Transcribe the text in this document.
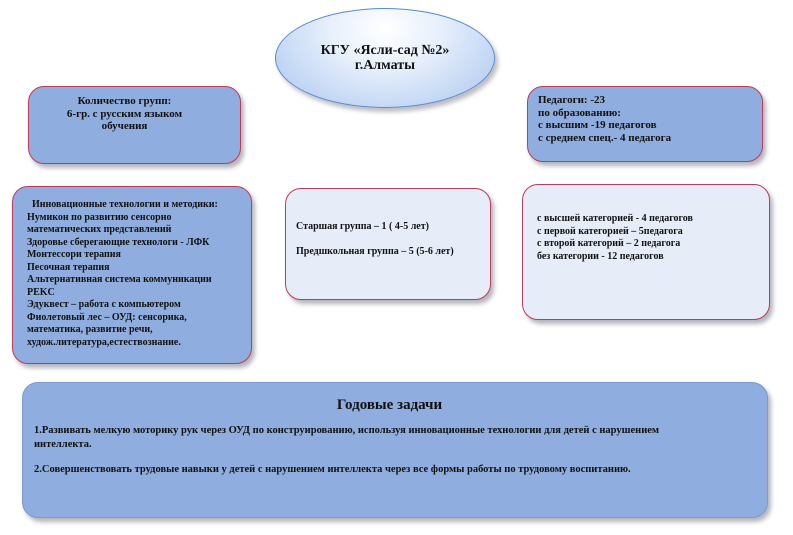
КГУ «Ясли-сад №2»
г.Алматы
Количество групп:
6-гр. с русским языком
обучения
Педагоги: -23
по образованию:
с высшим -19 педагогов
с среднем спец.- 4 педагога
Инновационные технологии и методики:
Нумикон по развитию сенсорно
математических представлений
Здоровье сберегающие технологи - ЛФК
Монтессори терапия
Песочная терапия
Альтернативная система коммуникации
PEKC
Эдуквест – работа с компьютером
Фиолетовый лес – ОУД: сенсорика,
математика, развитие речи,
худож.литература,естествознание.
Старшая группа – 1 ( 4-5 лет)
Предшкольная группа – 5 (5-6 лет)
с высшей категорией - 4 педагогов
с первой категорией – 5педагога
с второй категорий – 2 педагога
без категории - 12 педагогов
Годовые задачи
1.Развивать мелкую моторику рук через ОУД по конструированию, используя инновационные технологии для детей с нарушением
интеллекта.
2.Совершенствовать трудовые навыки у детей с нарушением интеллекта через все формы работы по трудовому воспитанию.
